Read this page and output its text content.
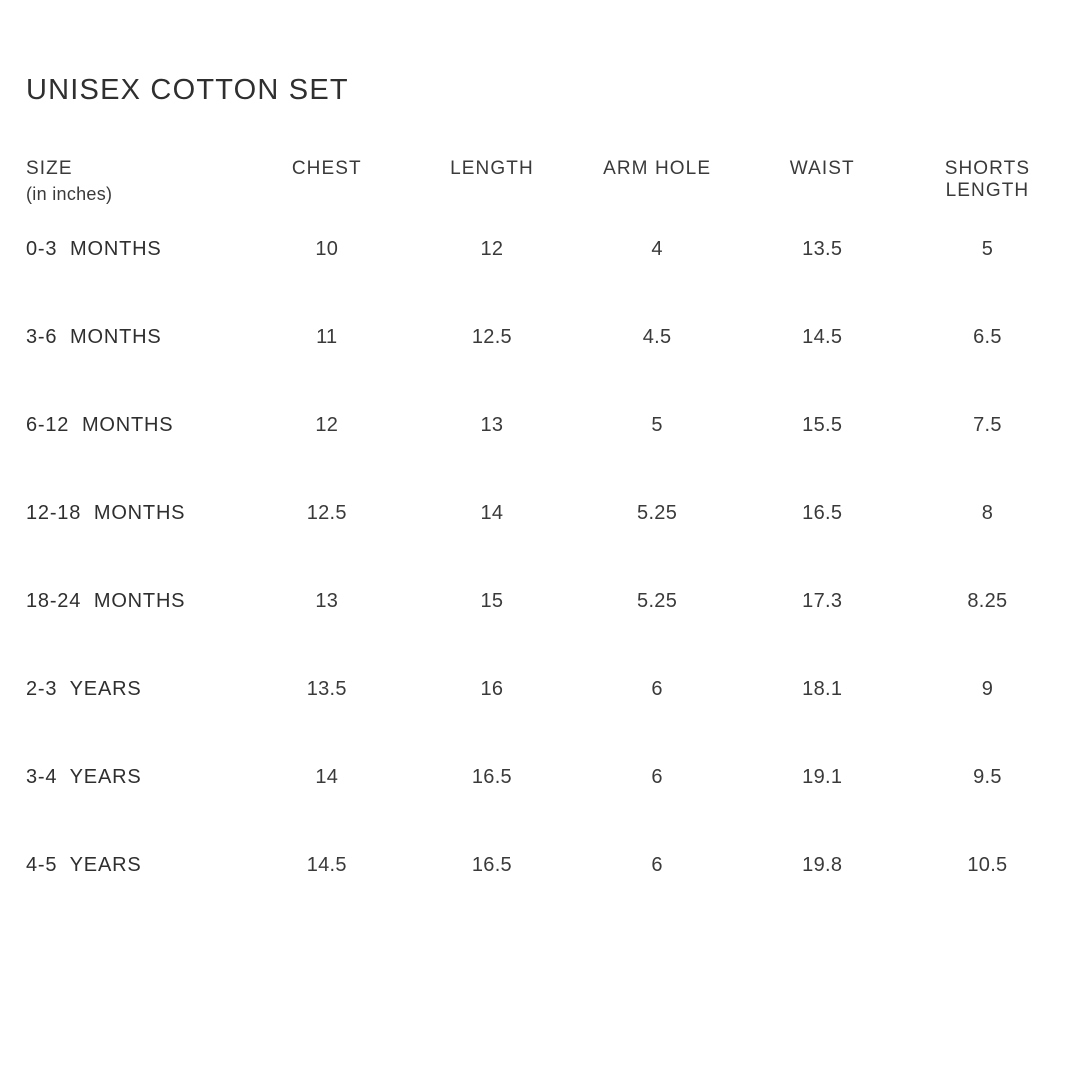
UNISEX COTTON SET
SIZE
(in inches)	CHEST	LENGTH	ARM HOLE	WAIST	SHORTS LENGTH
0-3  MONTHS	10	12	4	13.5	5
3-6  MONTHS	11	12.5	4.5	14.5	6.5
6-12  MONTHS	12	13	5	15.5	7.5
12-18  MONTHS	12.5	14	5.25	16.5	8
18-24  MONTHS	13	15	5.25	17.3	8.25
2-3  YEARS	13.5	16	6	18.1	9
3-4  YEARS	14	16.5	6	19.1	9.5
4-5  YEARS	14.5	16.5	6	19.8	10.5
